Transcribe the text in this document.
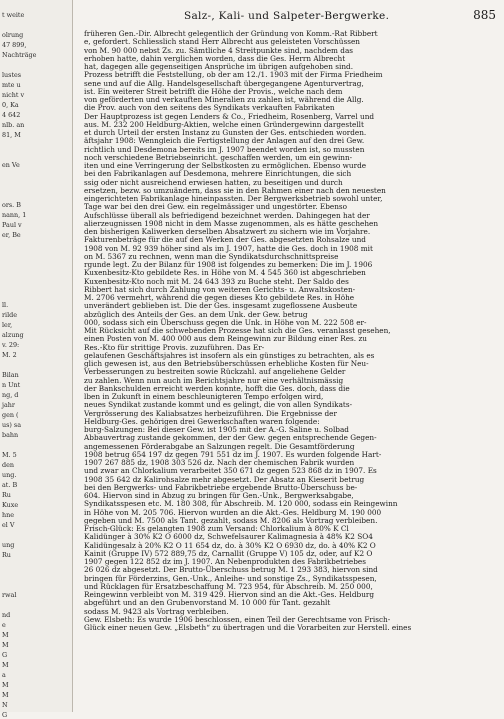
t weite
olrung
47 899,
Nachträge
lustes
mte u
nicht v
0, Ka
4 642
nlb. an
81, M
en Ve
ors. B
nann, 1
Paul v
er, Be
ll.
rilde
ler,
alzung
v. 29:
M. 2
Bilan
n Unt
ng, d
jahr
gen (
us) sa
bahn
M. 5
den
ung.
at. B
Ru
Kuxe
hne
el V
ung
Ru
rwal
nd
e
M
M
G
M
a
M
M
N
G
Salz-, Kali- und Salpeter-Bergwerke.	885
früheren Gen.-Dir. Albrecht gelegentlich der Gründung von Komm.-Rat Ribbert
e, gefordert. Schliesslich stand Herr Albrecht aus geleisteten Vorschüssen
von M. 90 000 nebst Zs. zu. Sämtliche 4 Streitpunkte sind, nachdem das
erhoben hatte, dahin verglichen worden, dass die Ges. Herrn Albrecht
hat, dagegen alle gegenseitigen Ansprüche im übrigen aufgehoben sind.
Prozess betrifft die Feststellung, ob der am 12./1. 1903 mit der Firma Friedheim
sene und auf die Allg. Handelsgesellschaft übergegangene Agenturvertrag,
ist. Ein weiterer Streit betrifft die Höhe der Provis., welche nach dem
von geförderten und verkauften Mineralien zu zahlen ist, während die Allg.
die Prov. auch von den seitens des Syndikats verkauften Fabrikaten
Der Hauptprozess ist gegen Lenders & Co., Friedheim, Rosenberg, Varrel und
aus. M. 232 200 Heldburg-Aktien, welche einen Gründergewinn dargestellt
et durch Urteil der ersten Instanz zu Gunsten der Ges. entschieden worden.
äftsjahr 1908: Wenngleich die Fertigstellung der Anlagen auf den drei Gew.
richtlich und Desdemona bereits im J. 1907 beendet worden ist, so mussten
noch verschiedene Betriebseinricht. geschaffen werden, um ein gewinn-
iten und eine Verringerung der Selbstkosten zu ermöglichen. Ebenso wurde
bei den Fabrikanlagen auf Desdemona, mehrere Einrichtungen, die sich
ssig oder nicht ausreichend erwiesen hatten, zu beseitigen und durch
ersetzen, bezw. so umzuändern, dass sie in den Rahmen einer nach den neuesten
eingerichteten Fabrikanlage hineinpassten. Der Bergwerksbetrieb sowohl unter,
Tage war bei den drei Gew. ein regelmässiger und ungestörter. Ebenso
Aufschlüsse überall als befriedigend bezeichnet werden. Dahingegen hat der
alierzeugnissen 1908 nicht in dem Masse zugenommen, als es hätte geschehen
den bisherigen Kaliwerken derselben Absatzwert zu sichern wie im Vorjahre.
Fakturenbeträge für die auf den Werken der Ges. abgesetzten Rohsalze und
1908 von M. 92 939 höher sind als im J. 1907, hatte die Ges. doch in 1908 mit
on M. 5367 zu rechnen, wenn man die Syndikatsdurchschnittspreise
rgunde legt. Zu der Bilanz für 1908 ist folgendes zu bemerken: Die im J. 1906
Kuxenbesitz-Kto gebildete Res. in Höhe von M. 4 545 360 ist abgeschrieben
Kuxenbesitz-Kto noch mit M. 24 643 393 zu Buche steht. Der Saldo des
Ribbert hat sich durch Zahlung von weiteren Gerichts- u. Anwaltskosten-
M. 2706 vermehrt, während die gegen dieses Kto gebildete Res. in Höhe
unverändert geblieben ist. Die der Ges. insgesamt zugeflossene Ausbeute
abzüglich des Anteils der Ges. an dem Unk. der Gew. betrug
000, sodass sich ein Überschuss gegen die Unk. in Höhe von M. 222 508 er-
Mit Rücksicht auf die schwebenden Prozesse hat sich die Ges. veranlasst gesehen,
einen Posten von M. 400 000 aus dem Reingewinn zur Bildung einer Res. zu
Res.-Kto für strittige Provis. zuzuführen. Das Er-
gelaufenen Geschäftsjahres ist insofern als ein günstiges zu betrachten, als es
glich gewesen ist, aus den Betriebsüberschüssen erhebliche Kosten für Neu-
Verbesserungen zu bestreiten sowie Rückzahl. auf angeliehene Gelder
zu zahlen. Wenn nun auch im Berichtsjahre nur eine verhältnismässig
der Bankschulden erreicht werden konnte, hofft die Ges. doch, dass die
lben in Zukunft in einem beschleunigteren Tempo erfolgen wird,
neues Syndikat zustande kommt und es gelingt, die von allen Syndikats-
Vergrösserung des Kaliabsatzes herbeizuführen. Die Ergebnisse der
Heldburg-Ges. gehörigen drei Gewerkschaften waren folgende:
burg-Salzungen: Bei dieser Gew. ist 1905 mit der A.-G. Saline u. Solbad
Abbauvertrag zustande gekommen, der der Gew. gegen entsprechende Gegen-
angemessenen Förderabgabe an Salzungen regelt. Die Gesamtförderung
1908 betrug 654 197 dz gegen 791 551 dz im J. 1907. Es wurden folgende Hart-
1907 267 885 dz, 1908 303 526 dz. Nach der chemischen Fabrik wurden
und zwar an Chlorkalium verarbeitet 350 671 dz gegen 523 868 dz in 1907. Es
1908 35 642 dz Kalirohsalze mehr abgesetzt. Der Absatz an Kieserit betrug
bei den Bergwerks- und Fabrikbetriebe ergebende Brutto-Überschuss be-
604. Hiervon sind in Abzug zu bringen für Gen.-Unk., Bergwerksabgabe,
Syndikatsspesen etc. M. 180 308, für Abschreib. M. 120 000, sodass ein Reingewinn
in Höhe von M. 205 706. Hiervon wurden an die Akt.-Ges. Heldburg M. 190 000
gegeben und M. 7500 als Tant. gezahlt, sodass M. 8206 als Vortrag verbleiben.
Frisch-Glück: Es gelangten 1908 zum Versand: Chlorkalium à 80% K Cl
Kalidünger à 30% K2 O 6000 dz, Schwefelsaurer Kalimagnesia à 48% K2 SO4
Kalidüngesalz à 20% K2 O 11 654 dz, do. à 30% K2 O 6930 dz, do. à 40% K2 O
Kainit (Gruppe IV) 572 889,75 dz, Carnallit (Gruppe V) 105 dz, oder, auf K2 O
1907 gegen 122 852 dz im J. 1907. An Nebenprodukten des Fabrikbetriebes
26 026 dz abgesetzt. Der Brutto-Überschuss betrug M. 1 293 383, hiervon sind
bringen für Förderzins, Gen.-Unk., Anleihe- und sonstige Zs., Syndikatsspesen,
und Rücklagen für Ersatzbeschaffung M. 723 954, für Abschreib. M. 250 000,
Reingewinn verbleibt von M. 319 429. Hiervon sind an die Akt.-Ges. Heldburg
abgeführt und an den Grubenvorstand M. 10 000 für Tant. gezahlt
sodass M. 9423 als Vortrag verbleiben.
Gew. Elsbeth: Es wurde 1906 beschlossen, einen Teil der Gerechtsame von Frisch-
Glück einer neuen Gew. „Elsbeth“ zu übertragen und die Vorarbeiten zur Herstell. eines
